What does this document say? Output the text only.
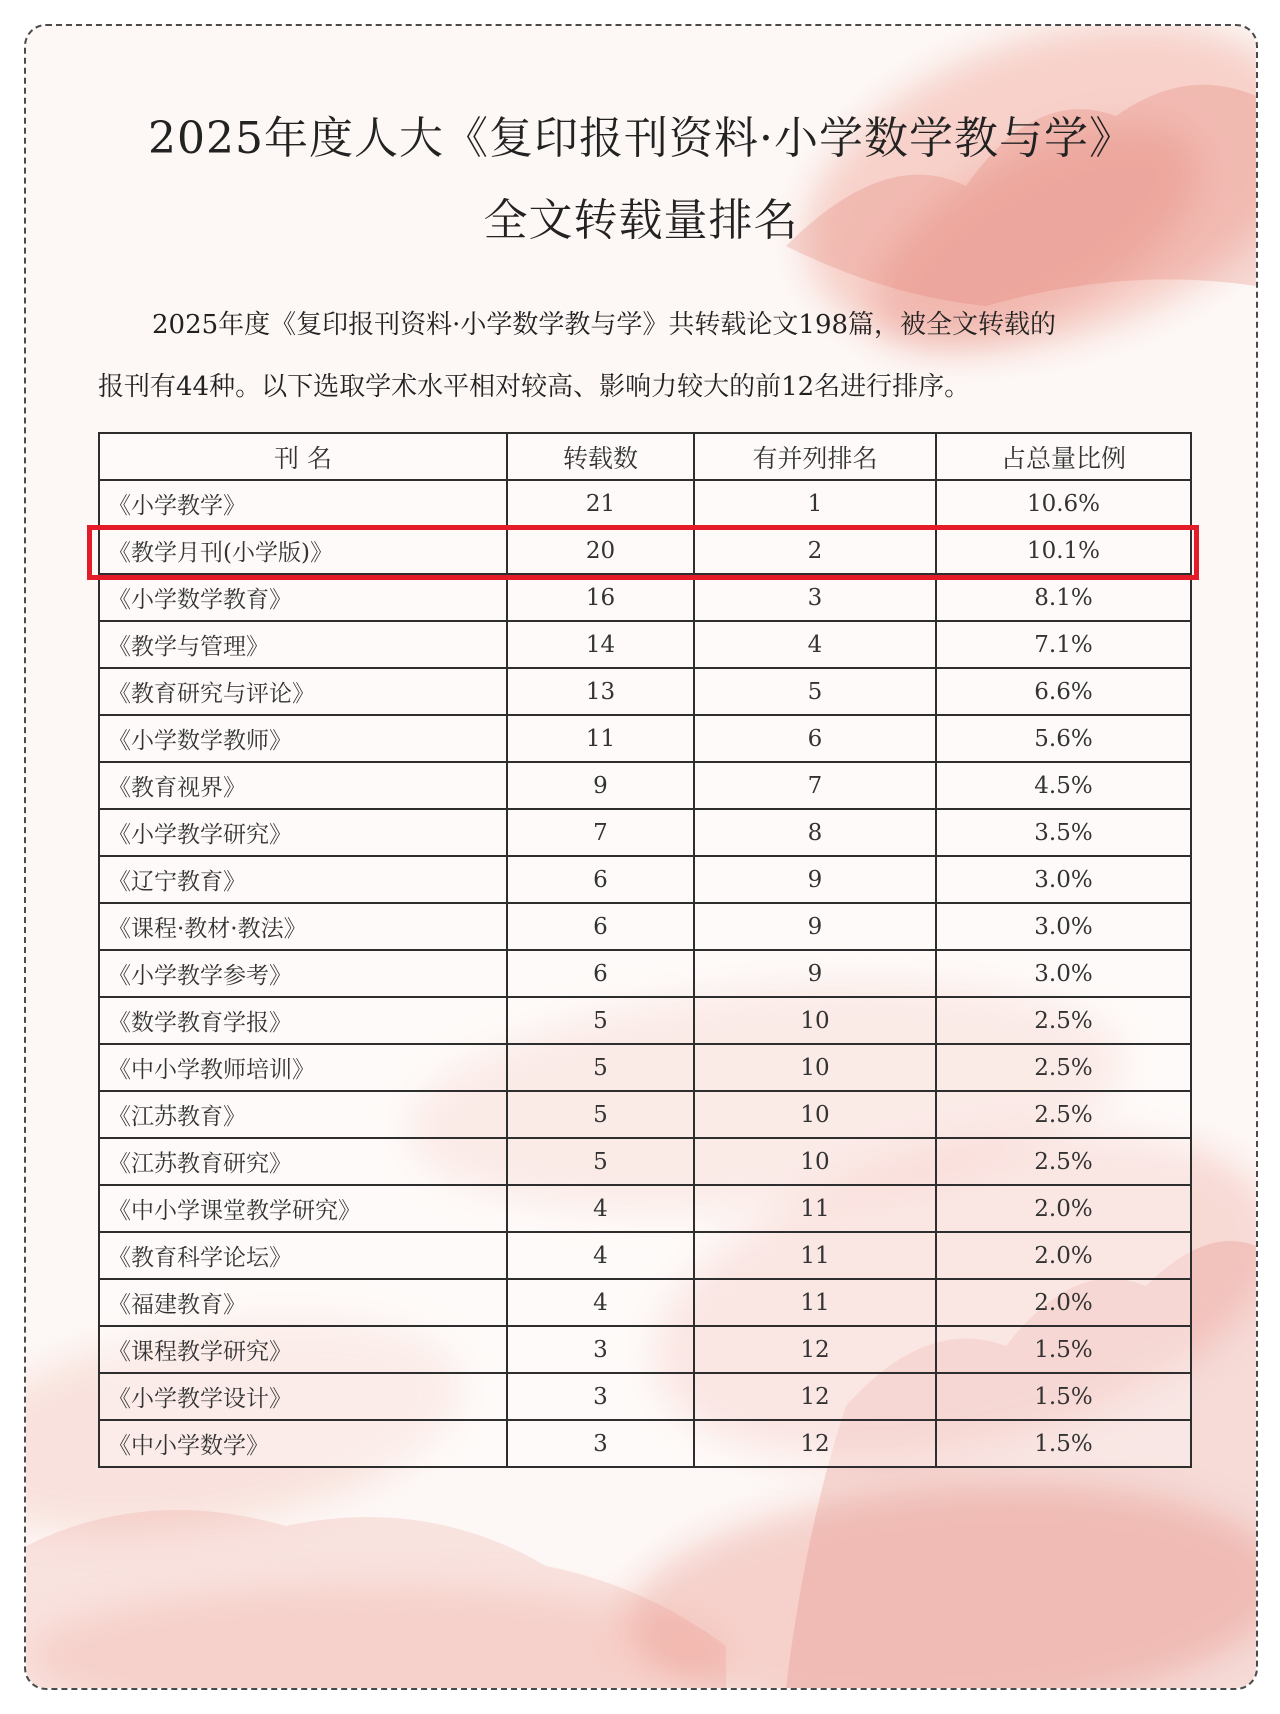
2025年度人大《复印报刊资料·小学数学教与学》
全文转载量排名
2025年度《复印报刊资料·小学数学教与学》共转载论文198篇，被全文转载的
报刊有44种。以下选取学术水平相对较高、影响力较大的前12名进行排序。
刊 名	转载数	有并列排名	占总量比例
《小学教学》	21	1	10.6%
《教学月刊(小学版)》	20	2	10.1%
《小学数学教育》	16	3	8.1%
《教学与管理》	14	4	7.1%
《教育研究与评论》	13	5	6.6%
《小学数学教师》	11	6	5.6%
《教育视界》	9	7	4.5%
《小学教学研究》	7	8	3.5%
《辽宁教育》	6	9	3.0%
《课程·教材·教法》	6	9	3.0%
《小学教学参考》	6	9	3.0%
《数学教育学报》	5	10	2.5%
《中小学教师培训》	5	10	2.5%
《江苏教育》	5	10	2.5%
《江苏教育研究》	5	10	2.5%
《中小学课堂教学研究》	4	11	2.0%
《教育科学论坛》	4	11	2.0%
《福建教育》	4	11	2.0%
《课程教学研究》	3	12	1.5%
《小学教学设计》	3	12	1.5%
《中小学数学》	3	12	1.5%
